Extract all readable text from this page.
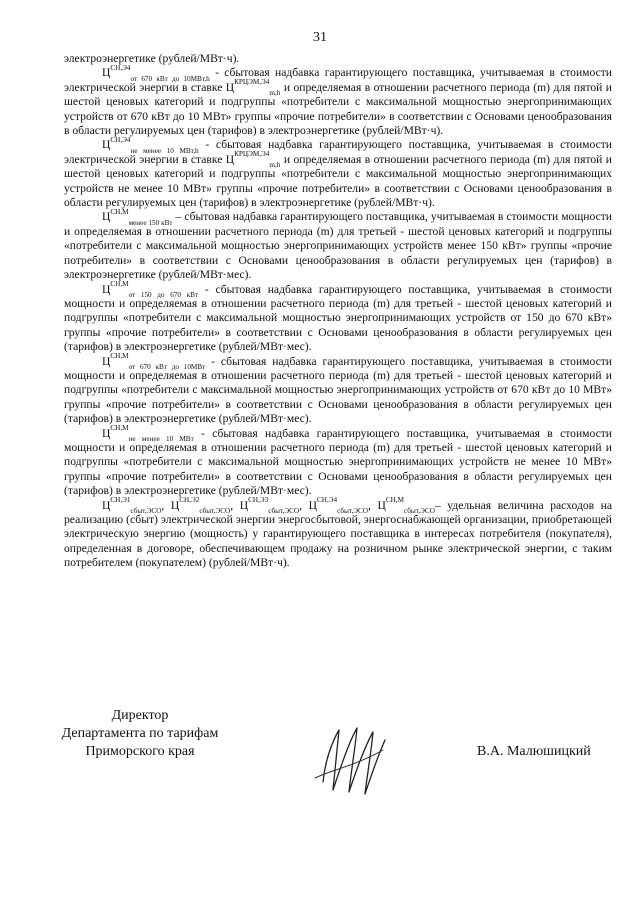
31

электроэнергетике (рублей/МВт·ч).

$Ц^{СН,Э4}_{от 670 кВт до 10МВт,h}$ - сбытовая надбавка гарантирующего поставщика, учитываемая в стоимости электрической энергии в ставке $Ц^{КРЦЭМ,Э4}_{m,h}$ и определяемая в отношении расчетного периода (m) для пятой и шестой ценовых категорий и подгруппы «потребители с максимальной мощностью энергопринимающих устройств от 670 кВт до 10 МВт» группы «прочие потребители» в соответствии с Основами ценообразования в области регулируемых цен (тарифов) в электроэнергетике (рублей/МВт·ч).

$Ц^{СН,Э4}_{не менее 10 МВт,h}$ - сбытовая надбавка гарантирующего поставщика, учитываемая в стоимости электрической энергии в ставке $Ц^{КРЦЭМ,Э4}_{m,h}$ и определяемая в отношении расчетного периода (m) для пятой и шестой ценовых категорий и подгруппы «потребители с максимальной мощностью энергопринимающих устройств не менее 10 МВт» группы «прочие потребители» в соответствии с Основами ценообразования в области регулируемых цен (тарифов) в электроэнергетике (рублей/МВт·ч).

$Ц^{СН,М}_{менее 150 кВт}$ – сбытовая надбавка гарантирующего поставщика, учитываемая в стоимости мощности и определяемая в отношении расчетного периода (m) для третьей - шестой ценовых категорий и подгруппы «потребители с максимальной мощностью энергопринимающих устройств менее 150 кВт» группы «прочие потребители» в соответствии с Основами ценообразования в области регулируемых цен (тарифов) в электроэнергетике (рублей/МВт·мес).

$Ц^{СН,М}_{от 150 до 670 кВт}$ - сбытовая надбавка гарантирующего поставщика, учитываемая в стоимости мощности и определяемая в отношении расчетного периода (m) для третьей - шестой ценовых категорий и подгруппы «потребители с максимальной мощностью энергопринимающих устройств от 150 до 670 кВт» группы «прочие потребители» в соответствии с Основами ценообразования в области регулируемых цен (тарифов) в электроэнергетике (рублей/МВт·мес).

$Ц^{СН,М}_{от 670 кВт до 10МВт}$ - сбытовая надбавка гарантирующего поставщика, учитываемая в стоимости мощности и определяемая в отношении расчетного периода (m) для третьей - шестой ценовых категорий и подгруппы «потребители с максимальной мощностью энергопринимающих устройств от 670 кВт до 10 МВт» группы «прочие потребители» в соответствии с Основами ценообразования в области регулируемых цен (тарифов) в электроэнергетике (рублей/МВт·мес).

$Ц^{СН,М}_{не менее 10 МВт}$ - сбытовая надбавка гарантирующего поставщика, учитываемая в стоимости мощности и определяемая в отношении расчетного периода (m) для третьей - шестой ценовых категорий и подгруппы «потребители с максимальной мощностью энергопринимающих устройств не менее 10 МВт» группы «прочие потребители» в соответствии с Основами ценообразования в области регулируемых цен (тарифов) в электроэнергетике (рублей/МВт·мес).

$Ц^{СН,Э1}_{сбыт,ЭСО}$, $Ц^{СН,Э2}_{сбыт,ЭСО}$, $Ц^{СН,Э3}_{сбыт,ЭСО}$, $Ц^{СН,Э4}_{сбыт,ЭСО}$, $Ц^{СН,М}_{сбыт,ЭСО}-$ удельная величина расходов на реализацию (сбыт) электрической энергии энергосбытовой, энергоснабжающей организации, приобретающей электрическую энергию (мощность) у гарантирующего поставщика в интересах потребителя (покупателя), определенная в договоре, обеспечивающем продажу на розничном рынке электрической энергии, с таким потребителем (покупателем) (рублей/МВт·ч).

Директор
Департамента по тарифам
Приморского края	В.А. Малюшицкий
